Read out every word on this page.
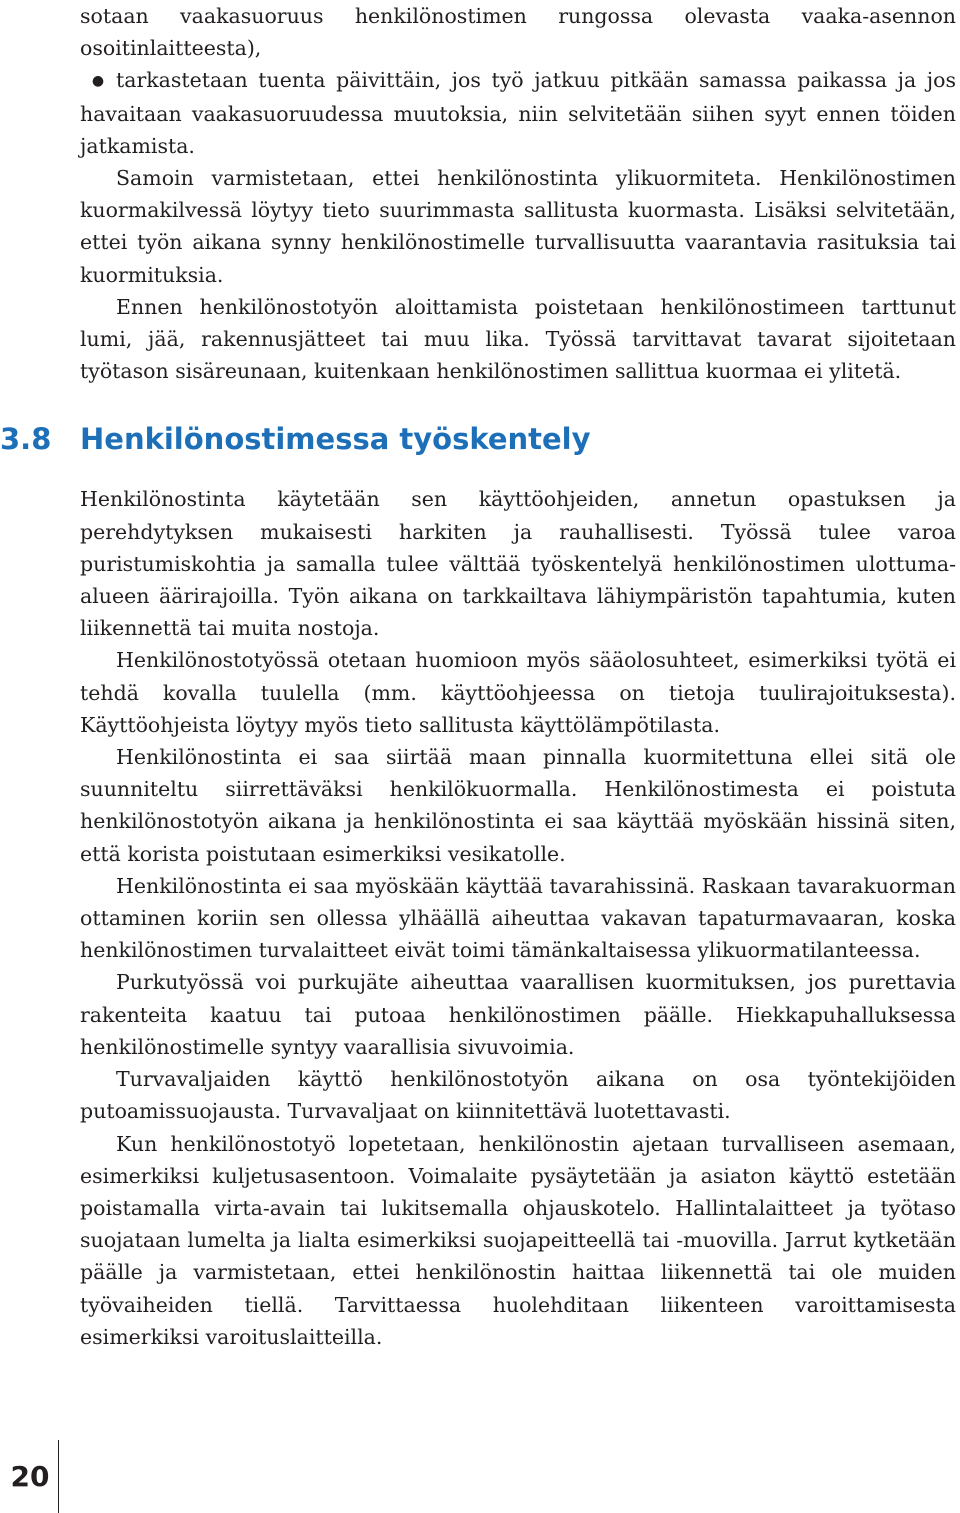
sotaan vaakasuoruus henkilönostimen rungossa olevasta vaaka-asennon osoitinlaitteesta),

● tarkastetaan tuenta päivittäin, jos työ jatkuu pitkään samassa paikassa ja jos havaitaan vaakasuoruudessa muutoksia, niin selvitetään siihen syyt ennen töiden jatkamista.

Samoin varmistetaan, ettei henkilönostinta ylikuormiteta. Henkilönostimen kuormakilvessä löytyy tieto suurimmasta sallitusta kuormasta. Lisäksi selvitetään, ettei työn aikana synny henkilönostimelle turvallisuutta vaarantavia rasituksia tai kuormituksia.

Ennen henkilönostotyön aloittamista poistetaan henkilönostimeen tarttunut lumi, jää, rakennusjätteet tai muu lika. Työssä tarvittavat tavarat sijoitetaan työtason sisäreunaan, kuitenkaan henkilönostimen sallittua kuormaa ei ylitetä.

3.8 Henkilönostimessa työskentely

Henkilönostinta käytetään sen käyttöohjeiden, annetun opastuksen ja perehdytyksen mukaisesti harkiten ja rauhallisesti. Työssä tulee varoa puristumiskohtia ja samalla tulee välttää työskentelyä henkilönostimen ulottuma-alueen äärirajoilla. Työn aikana on tarkkailtava lähiympäristön tapahtumia, kuten liikennettä tai muita nostoja.

Henkilönostotyössä otetaan huomioon myös sääolosuhteet, esimerkiksi työtä ei tehdä kovalla tuulella (mm. käyttöohjeessa on tietoja tuulirajoituksesta). Käyttöohjeista löytyy myös tieto sallitusta käyttölämpötilasta.

Henkilönostinta ei saa siirtää maan pinnalla kuormitettuna ellei sitä ole suunniteltu siirrettäväksi henkilökuormalla. Henkilönostimesta ei poistuta henkilönostotyön aikana ja henkilönostinta ei saa käyttää myöskään hissinä siten, että korista poistutaan esimerkiksi vesikatolle.

Henkilönostinta ei saa myöskään käyttää tavarahissinä. Raskaan tavarakuorman ottaminen koriin sen ollessa ylhäällä aiheuttaa vakavan tapaturmavaaran, koska henkilönostimen turvalaitteet eivät toimi tämänkaltaisessa ylikuormatilanteessa.

Purkutyössä voi purkujäte aiheuttaa vaarallisen kuormituksen, jos purettavia rakenteita kaatuu tai putoaa henkilönostimen päälle. Hiekkapuhalluksessa henkilönostimelle syntyy vaarallisia sivuvoimia.

Turvavaljaiden käyttö henkilönostotyön aikana on osa työntekijöiden putoamissuojausta. Turvavaljaat on kiinnitettävä luotettavasti.

Kun henkilönostotyö lopetetaan, henkilönostin ajetaan turvalliseen asemaan, esimerkiksi kuljetusasentoon. Voimalaite pysäytetään ja asiaton käyttö estetään poistamalla virta-avain tai lukitsemalla ohjauskotelo. Hallintalaitteet ja työtaso suojataan lumelta ja lialta esimerkiksi suojapeitteellä tai -muovilla. Jarrut kytketään päälle ja varmistetaan, ettei henkilönostin haittaa liikennettä tai ole muiden työvaiheiden tiellä. Tarvittaessa huolehditaan liikenteen varoittamisesta esimerkiksi varoituslaitteilla.

20
